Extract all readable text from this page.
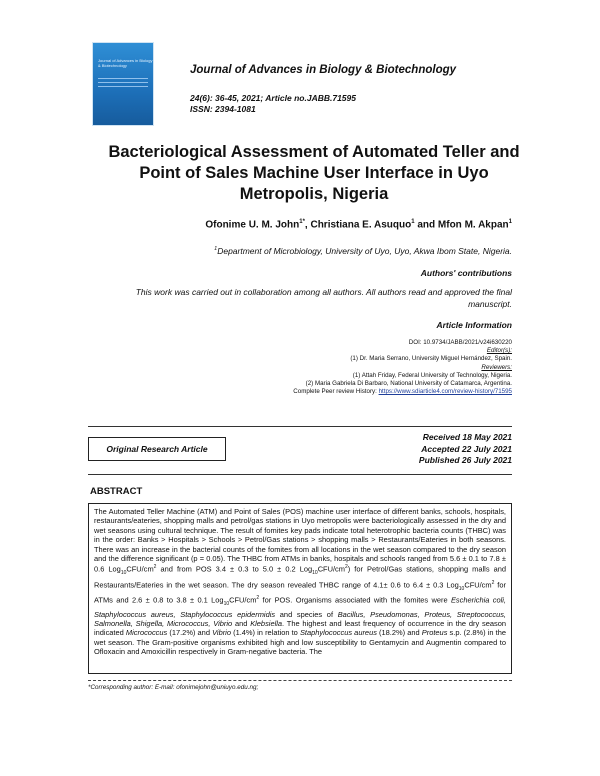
Journal of Advances in Biology & Biotechnology	Journal of Advances in Biology & Biotechnology
24(6): 36-45, 2021; Article no.JABB.71595
ISSN: 2394-1081
Bacteriological Assessment of Automated Teller and Point of Sales Machine User Interface in Uyo Metropolis, Nigeria
Ofonime U. M. John$^{1*}$, Christiana E. Asuquo$^1$ and Mfon M. Akpan$^1$
$^1$Department of Microbiology, University of Uyo, Uyo, Akwa Ibom State, Nigeria.
Authors' contributions
This work was carried out in collaboration among all authors. All authors read and approved the final manuscript.
Article Information
DOI: 10.9734/JABB/2021/v24i630220
Editor(s):
(1) Dr. Maria Serrano, University Miguel Hernández, Spain.
Reviewers:
(1) Attah Friday, Federal University of Technology, Nigeria.
(2) Maria Gabriela Di Barbaro, National University of Catamarca, Argentina.
Complete Peer review History: https://www.sdiarticle4.com/review-history/71595
Original Research Article
Received 18 May 2021
Accepted 22 July 2021
Published 26 July 2021
ABSTRACT

The Automated Teller Machine (ATM) and Point of Sales (POS) machine user interface of different banks, schools, hospitals, restaurants/eateries, shopping malls and petrol/gas stations in Uyo metropolis were bacteriologically assessed in the dry and wet seasons using cultural technique. The result of fomites key pads indicate total heterotrophic bacteria counts (THBC) was in the order: Banks > Hospitals > Schools > Petrol/Gas stations > shopping malls > Restaurants/Eateries in both seasons. There was an increase in the bacterial counts of the fomites from all locations in the wet season compared to the dry season and the difference significant (p = 0.05). The THBC from ATMs in banks, hospitals and schools ranged from 5.6 ± 0.1 to 7.8 ± 0.6 $Log_{10}CFU/cm^2$ and from POS 3.4 ± 0.3 to 5.0 ± 0.2 $Log_{10}CFU/cm^2$) for Petrol/Gas stations, shopping malls and Restaurants/Eateries in the wet season. The dry season revealed THBC range of 4.1± 0.6 to 6.4 ± 0.3 $Log_{10}CFU/cm^2$ for ATMs and 2.6 ± 0.8 to 3.8 ± 0.1 $Log_{10}CFU/cm^2$ for POS. Organisms associated with the fomites were Escherichia coli, Staphylococcus aureus, Staphylococcus epidermidis and species of Bacillus, Pseudomonas, Proteus, Streptococcus, Salmonella, Shigella, Micrococcus, Vibrio and Klebsiella. The highest and least frequency of occurrence in the dry season indicated Micrococcus (17.2%) and Vibrio (1.4%) in relation to Staphylococcus aureus (18.2%) and Proteus s.p. (2.8%) in the wet season. The Gram-positive organisms exhibited high and low susceptibility to Gentamycin and Augmentin compared to Ofloxacin and Amoxicillin respectively in Gram-negative bacteria. The

*Corresponding author: E-mail: ofonimejohn@uniuyo.edu.ng;
